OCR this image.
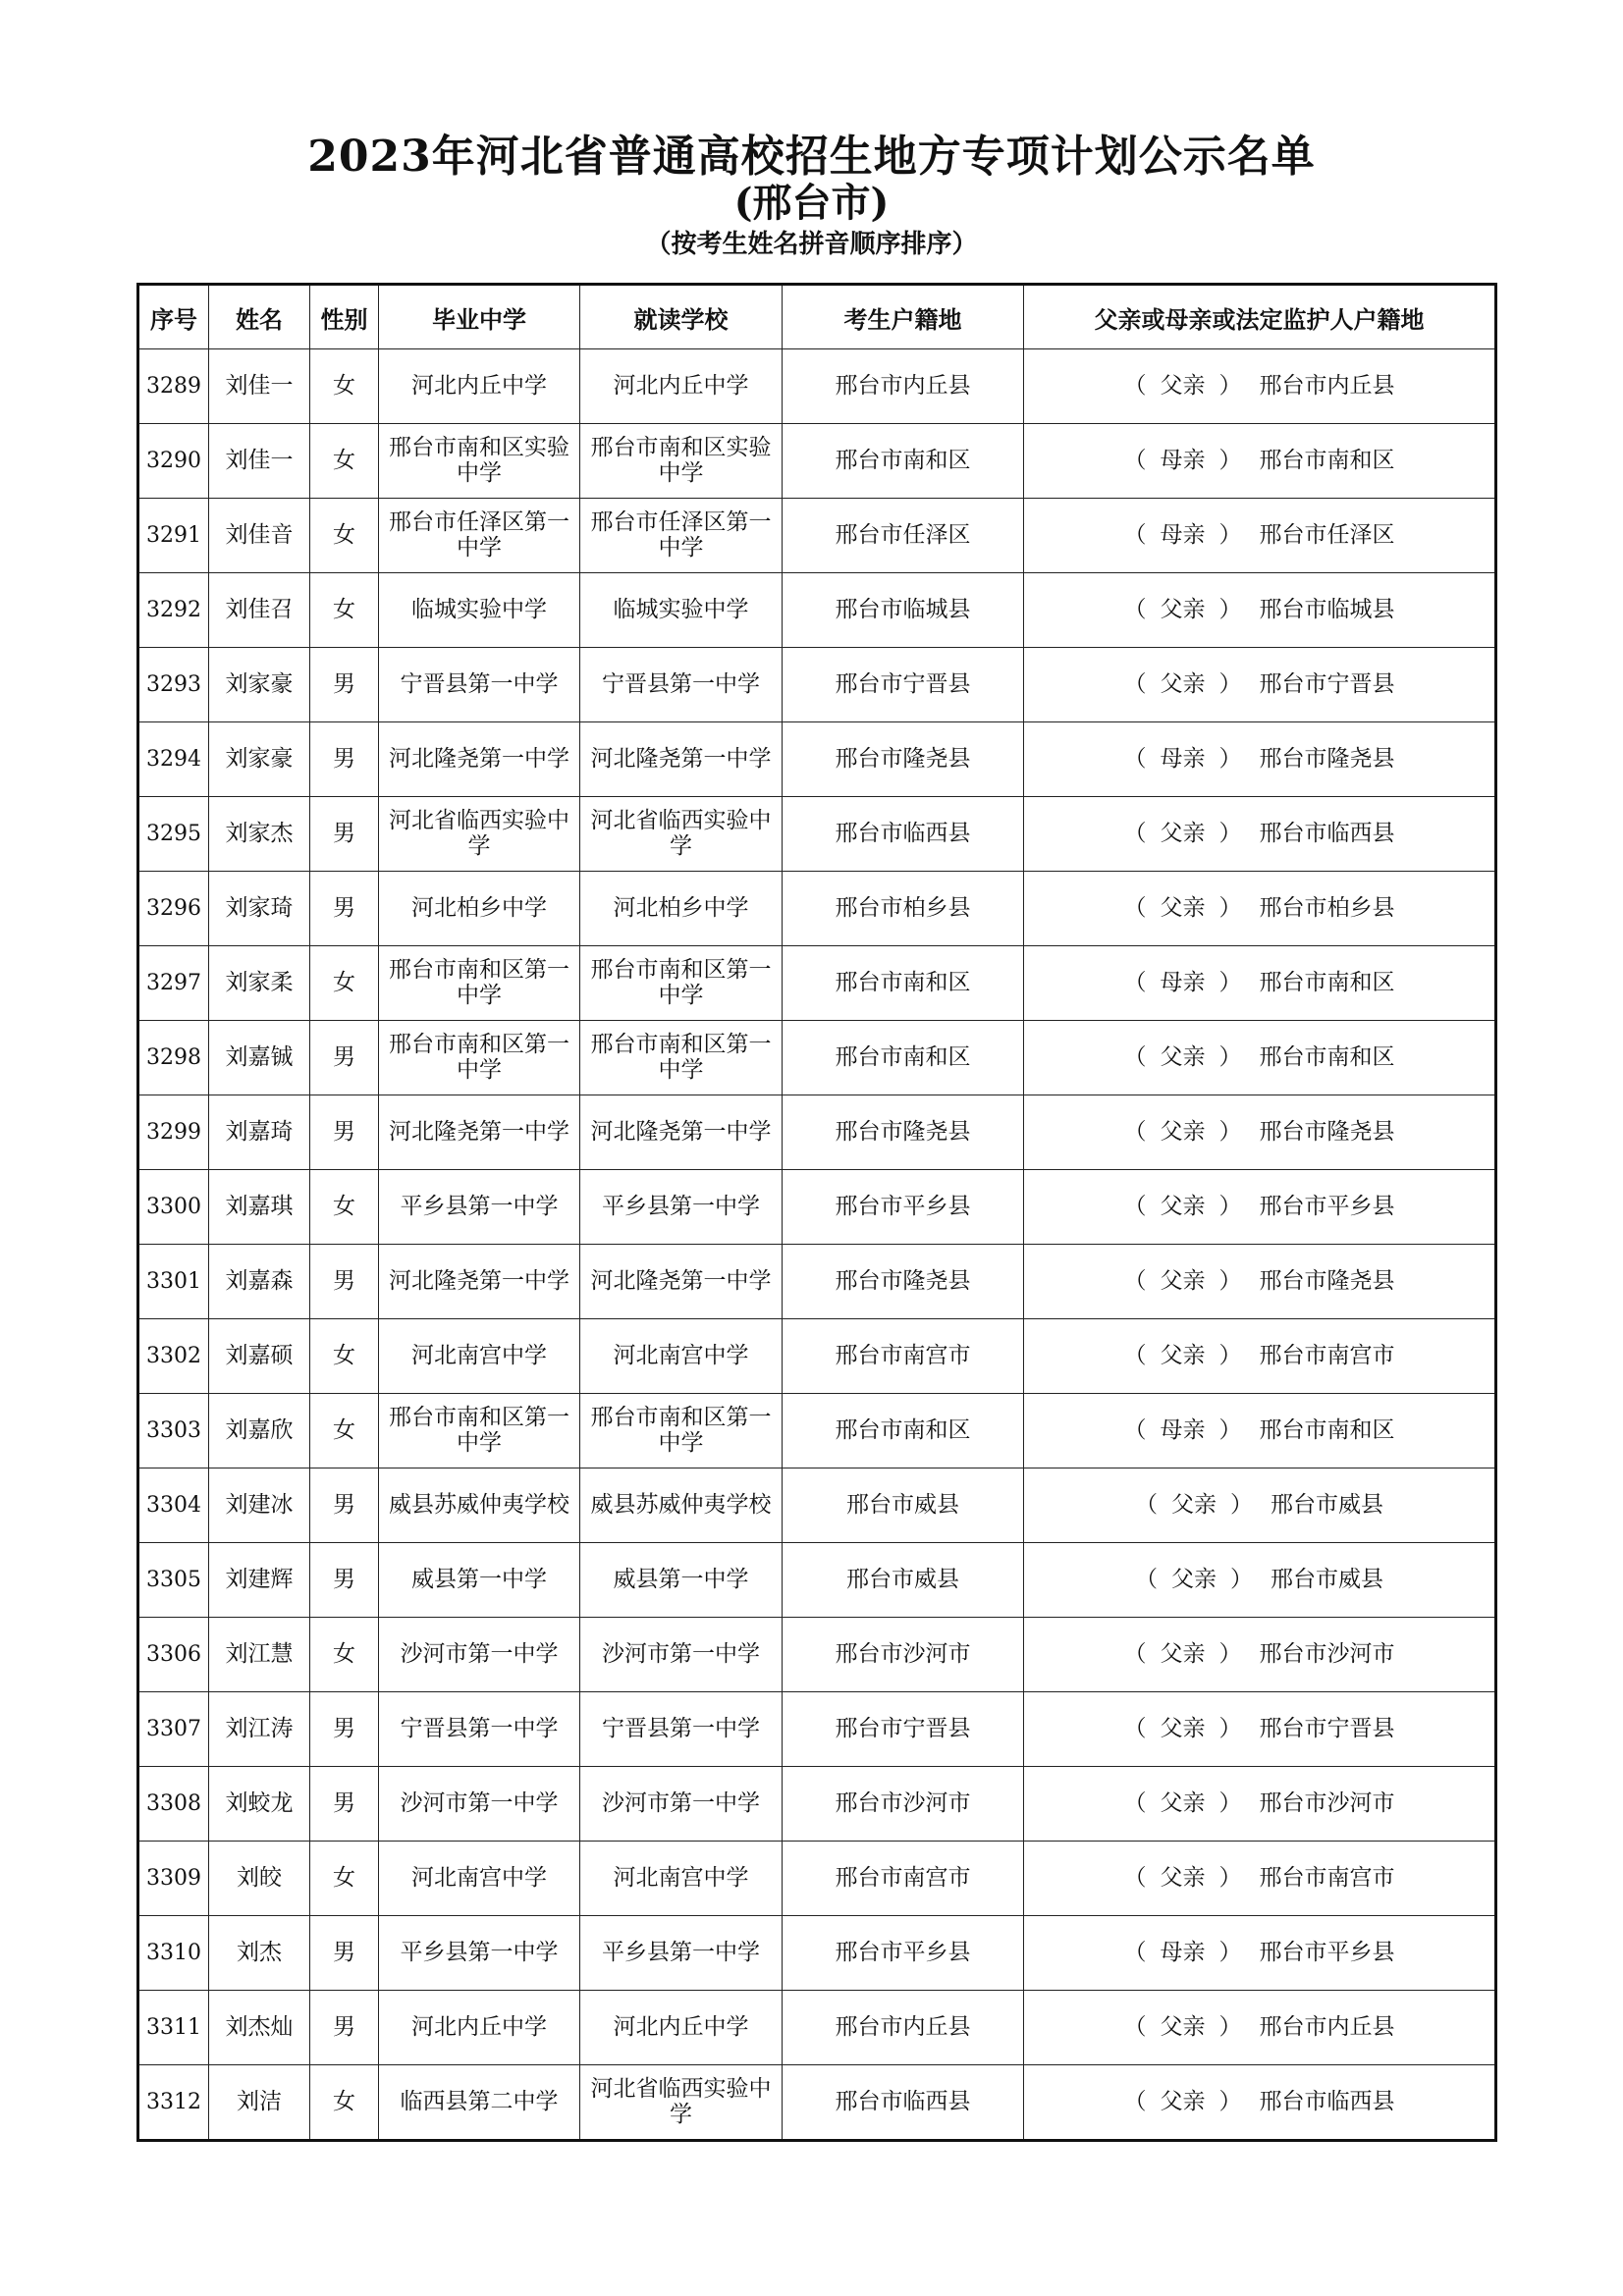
2023年河北省普通高校招生地方专项计划公示名单
(邢台市)
（按考生姓名拼音顺序排序）
序号	姓名	性别	毕业中学	就读学校	考生户籍地	父亲或母亲或法定监护人户籍地
3289	刘佳一	女	河北内丘中学	河北内丘中学	邢台市内丘县	（ 父亲 ） 邢台市内丘县
3290	刘佳一	女	邢台市南和区实验中学	邢台市南和区实验中学	邢台市南和区	（ 母亲 ） 邢台市南和区
3291	刘佳音	女	邢台市任泽区第一中学	邢台市任泽区第一中学	邢台市任泽区	（ 母亲 ） 邢台市任泽区
3292	刘佳召	女	临城实验中学	临城实验中学	邢台市临城县	（ 父亲 ） 邢台市临城县
3293	刘家豪	男	宁晋县第一中学	宁晋县第一中学	邢台市宁晋县	（ 父亲 ） 邢台市宁晋县
3294	刘家豪	男	河北隆尧第一中学	河北隆尧第一中学	邢台市隆尧县	（ 母亲 ） 邢台市隆尧县
3295	刘家杰	男	河北省临西实验中学	河北省临西实验中学	邢台市临西县	（ 父亲 ） 邢台市临西县
3296	刘家琦	男	河北柏乡中学	河北柏乡中学	邢台市柏乡县	（ 父亲 ） 邢台市柏乡县
3297	刘家柔	女	邢台市南和区第一中学	邢台市南和区第一中学	邢台市南和区	（ 母亲 ） 邢台市南和区
3298	刘嘉铖	男	邢台市南和区第一中学	邢台市南和区第一中学	邢台市南和区	（ 父亲 ） 邢台市南和区
3299	刘嘉琦	男	河北隆尧第一中学	河北隆尧第一中学	邢台市隆尧县	（ 父亲 ） 邢台市隆尧县
3300	刘嘉琪	女	平乡县第一中学	平乡县第一中学	邢台市平乡县	（ 父亲 ） 邢台市平乡县
3301	刘嘉森	男	河北隆尧第一中学	河北隆尧第一中学	邢台市隆尧县	（ 父亲 ） 邢台市隆尧县
3302	刘嘉硕	女	河北南宫中学	河北南宫中学	邢台市南宫市	（ 父亲 ） 邢台市南宫市
3303	刘嘉欣	女	邢台市南和区第一中学	邢台市南和区第一中学	邢台市南和区	（ 母亲 ） 邢台市南和区
3304	刘建冰	男	威县苏威仲夷学校	威县苏威仲夷学校	邢台市威县	（ 父亲 ） 邢台市威县
3305	刘建辉	男	威县第一中学	威县第一中学	邢台市威县	（ 父亲 ） 邢台市威县
3306	刘江慧	女	沙河市第一中学	沙河市第一中学	邢台市沙河市	（ 父亲 ） 邢台市沙河市
3307	刘江涛	男	宁晋县第一中学	宁晋县第一中学	邢台市宁晋县	（ 父亲 ） 邢台市宁晋县
3308	刘蛟龙	男	沙河市第一中学	沙河市第一中学	邢台市沙河市	（ 父亲 ） 邢台市沙河市
3309	刘皎	女	河北南宫中学	河北南宫中学	邢台市南宫市	（ 父亲 ） 邢台市南宫市
3310	刘杰	男	平乡县第一中学	平乡县第一中学	邢台市平乡县	（ 母亲 ） 邢台市平乡县
3311	刘杰灿	男	河北内丘中学	河北内丘中学	邢台市内丘县	（ 父亲 ） 邢台市内丘县
3312	刘洁	女	临西县第二中学	河北省临西实验中学	邢台市临西县	（ 父亲 ） 邢台市临西县
